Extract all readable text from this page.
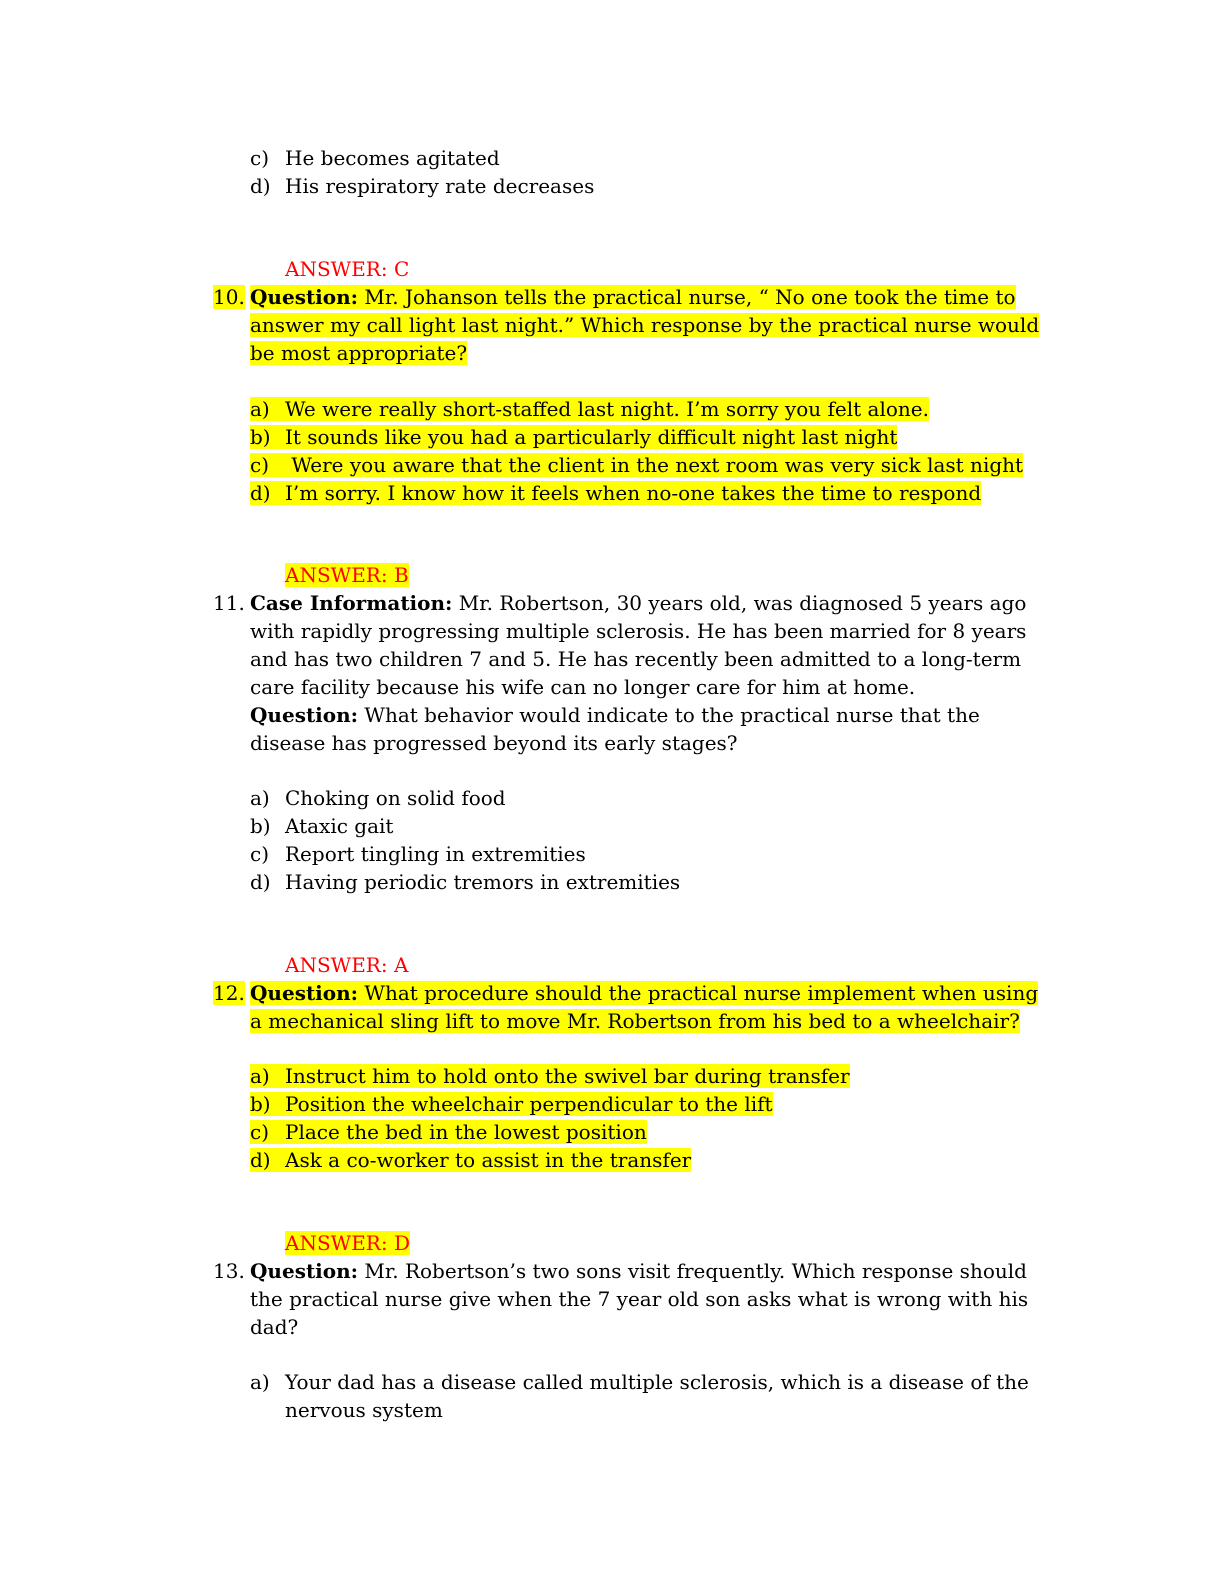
c) He becomes agitated
d) His respiratory rate decreases
ANSWER: C
10. Question: Mr. Johanson tells the practical nurse, “ No one took the time to
answer my call light last night.” Which response by the practical nurse would
be most appropriate?
a) We were really short-staffed last night. I’m sorry you felt alone.
b) It sounds like you had a particularly difficult night last night
c) Were you aware that the client in the next room was very sick last night
d) I’m sorry. I know how it feels when no-one takes the time to respond
ANSWER: B
11. Case Information: Mr. Robertson, 30 years old, was diagnosed 5 years ago
with rapidly progressing multiple sclerosis. He has been married for 8 years
and has two children 7 and 5. He has recently been admitted to a long-term
care facility because his wife can no longer care for him at home.
Question: What behavior would indicate to the practical nurse that the
disease has progressed beyond its early stages?
a) Choking on solid food
b) Ataxic gait
c) Report tingling in extremities
d) Having periodic tremors in extremities
ANSWER: A
12. Question: What procedure should the practical nurse implement when using
a mechanical sling lift to move Mr. Robertson from his bed to a wheelchair?
a) Instruct him to hold onto the swivel bar during transfer
b) Position the wheelchair perpendicular to the lift
c) Place the bed in the lowest position
d) Ask a co-worker to assist in the transfer
ANSWER: D
13. Question: Mr. Robertson’s two sons visit frequently. Which response should
the practical nurse give when the 7 year old son asks what is wrong with his
dad?
a) Your dad has a disease called multiple sclerosis, which is a disease of the
nervous system
